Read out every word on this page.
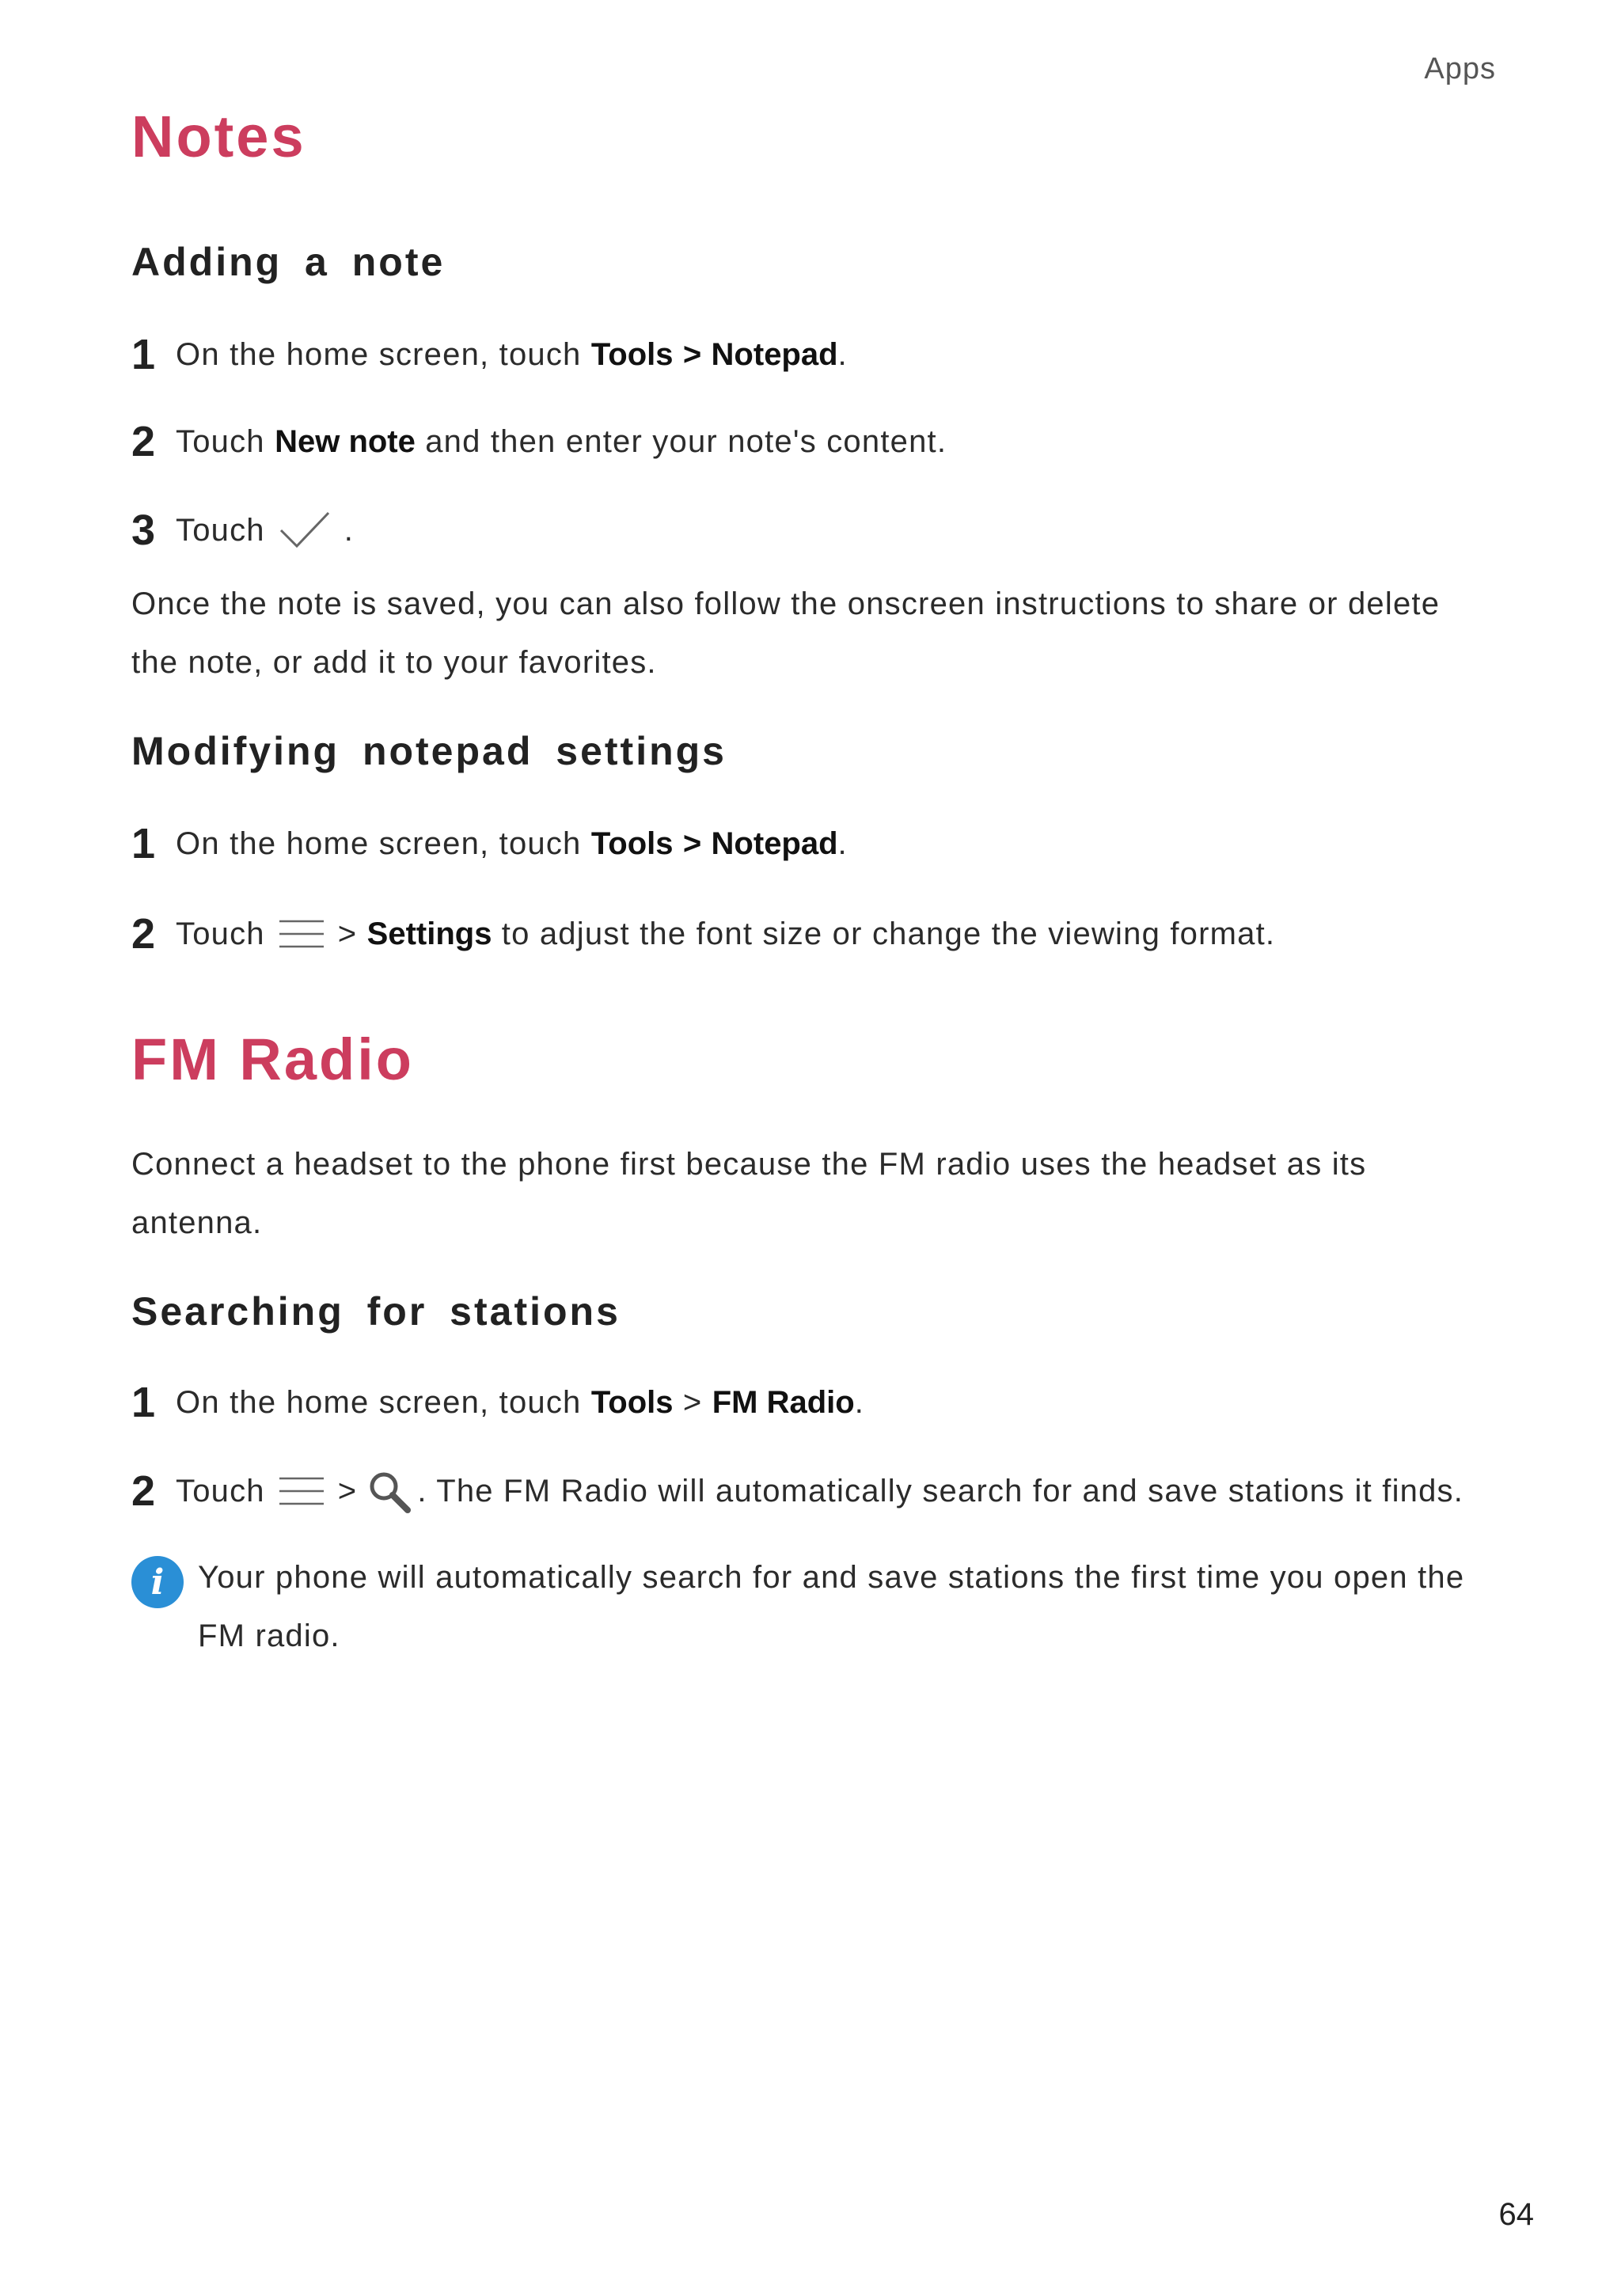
Apps
Notes
Adding a note
1 On the home screen, touch
Tools
>
Notepad .
2 Touch
New note
and then enter your note's content.
3 Touch	.
Once the note is saved, you can also follow the onscreen instructions to share or delete the note, or add it to your favorites.
Modifying notepad settings
1 On the home screen, touch
Tools
>
Notepad .
2 Touch >
Settings
to adjust the font size or change the viewing format.
FM Radio
Connect a headset to the phone first because the FM radio uses the headset as its antenna.
Searching for stations
1 On the home screen, touch
Tools
>
FM Radio .
2 Touch > . The FM Radio will automatically search for and save stations it finds.
i	Your phone will automatically search for and save stations the first time you open the FM radio.
64
